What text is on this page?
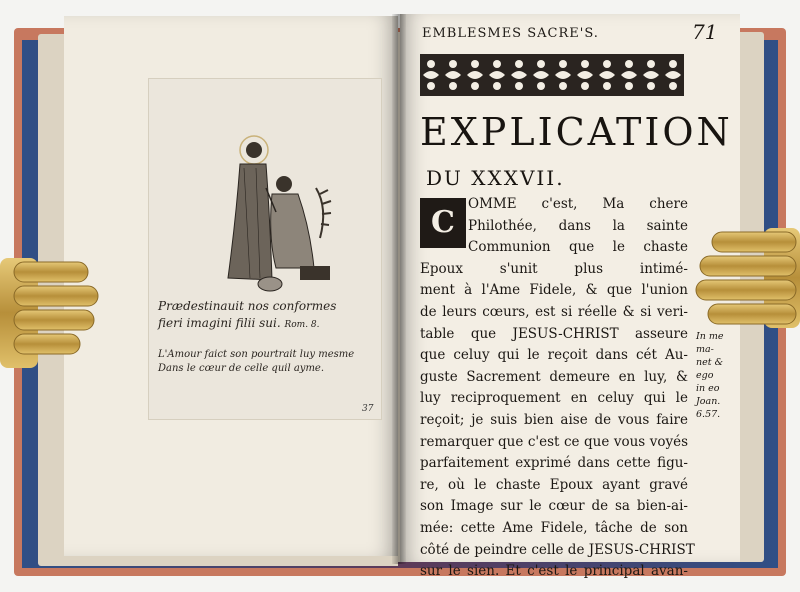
Prædestinauit nos conformes
fieri imagini filii sui. Rom. 8.
L'Amour faict son pourtrait luy mesme
Dans le cœur de celle quil ayme.
37
EMBLESMES SACRE'S.	71
EXPLICATION
DU XXXVII.
OMME c'est, Ma chere
Philothée, dans la sainte
Communion que le chaste
Epoux s'unit plus intimé-
ment à l'Ame Fidele, & que l'union
de leurs cœurs, est si réelle & si veri-
table que JESUS-CHRIST asseure
que celuy qui le reçoit dans cét Au-
guste Sacrement demeure en luy, &
luy reciproquement en celuy qui le
reçoit; je suis bien aise de vous faire
remarquer que c'est ce que vous voyés
parfaitement exprimé dans cette figu-
re, où le chaste Epoux ayant gravé
son Image sur le cœur de sa bien-ai-
mée: cette Ame Fidele, tâche de son
côté de peindre celle de JESUS-CHRIST
sur le sien. Et c'est le principal avan-
C
In me ma-
net & ego
in eo
Joan. 6.57.
